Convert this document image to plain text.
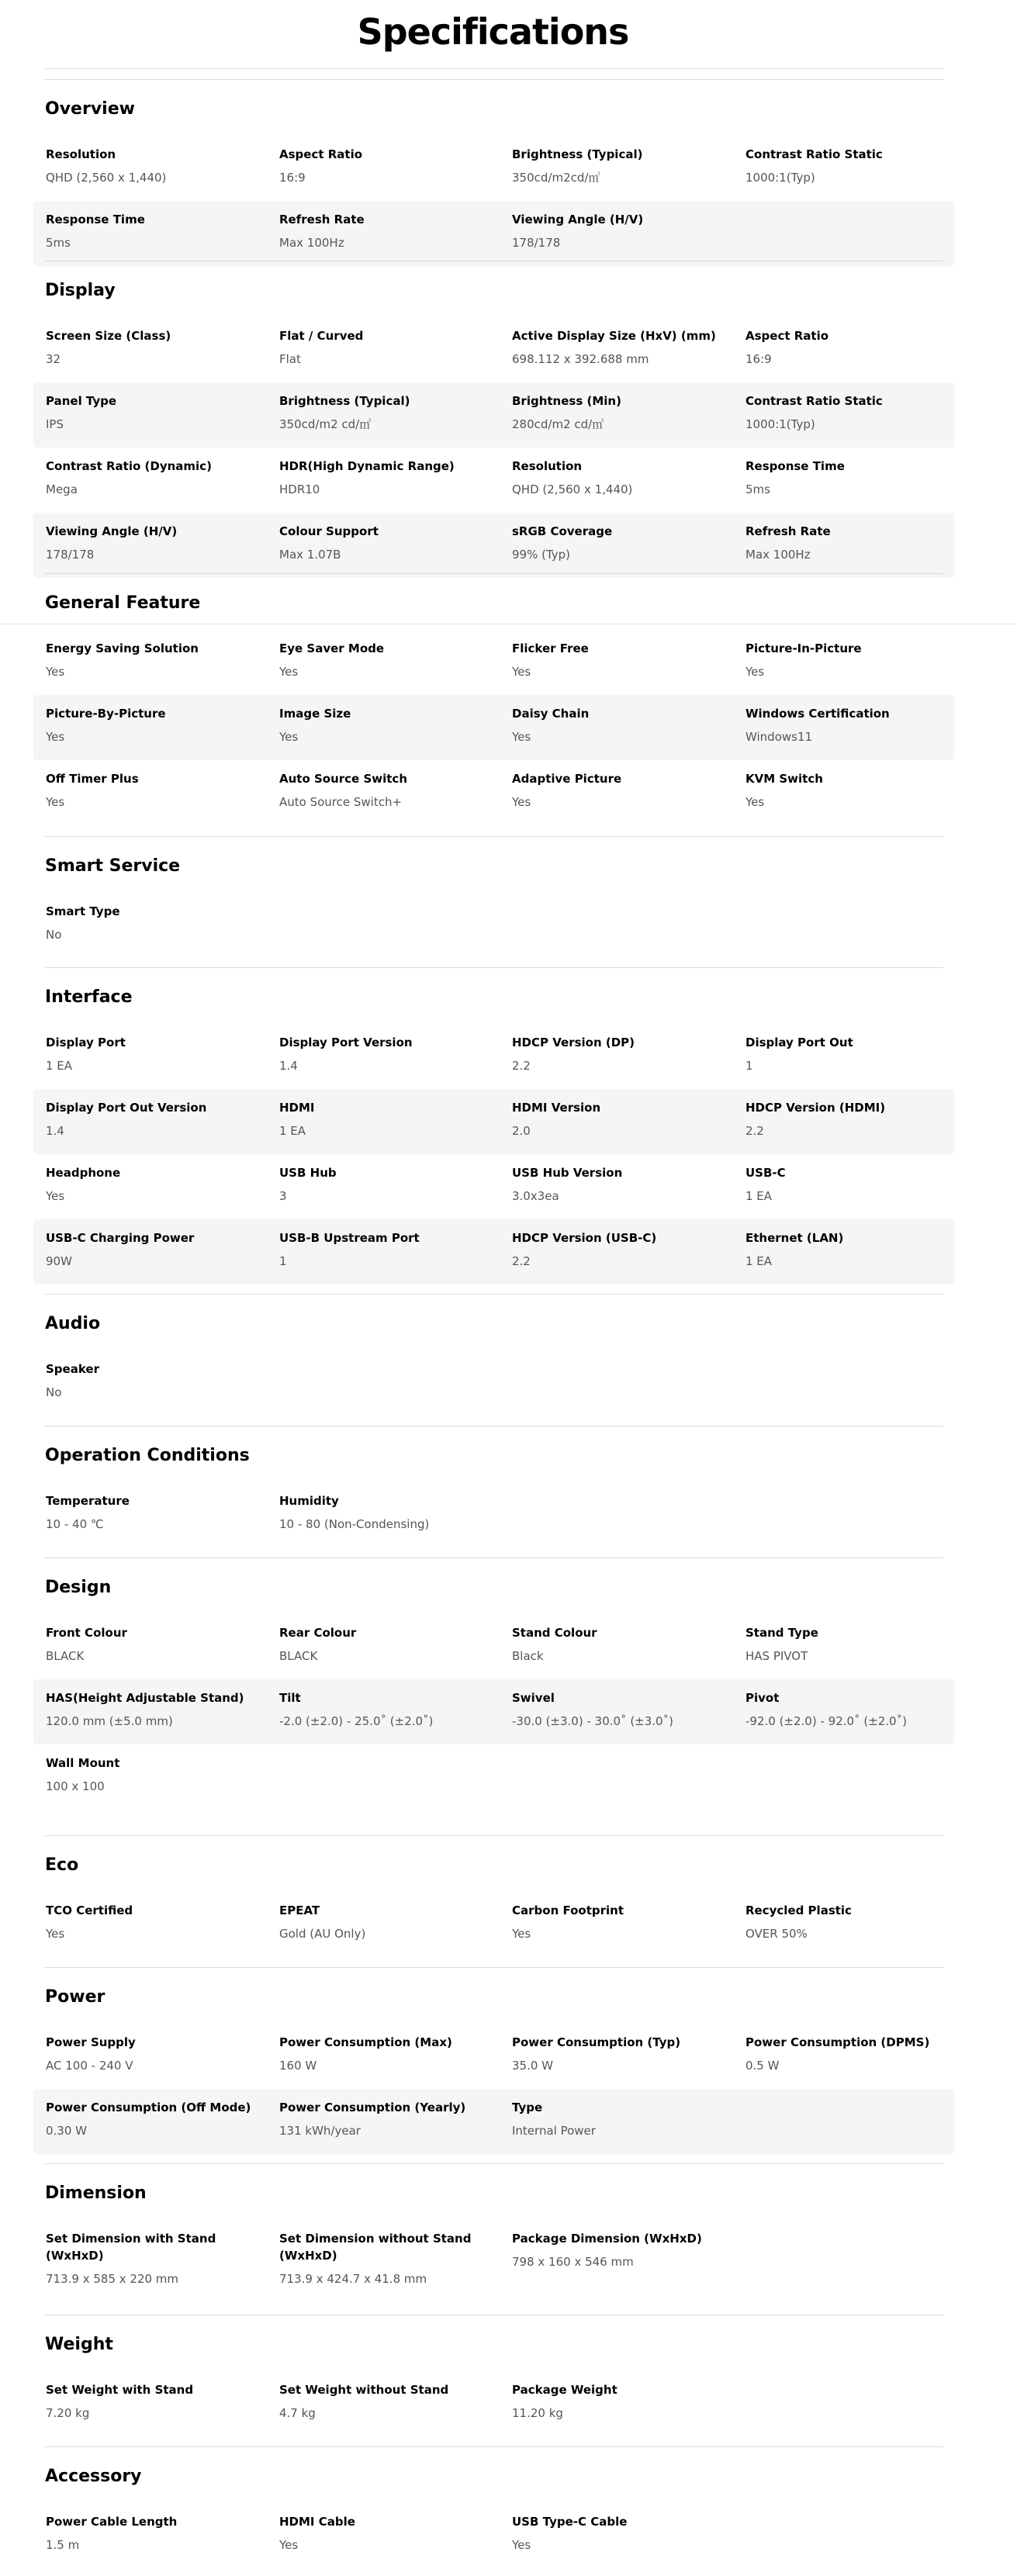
Specifications
Overview
Resolution
QHD (2,560 x 1,440)
Aspect Ratio
16:9
Brightness (Typical)
350cd/m2cd/㎡
Contrast Ratio Static
1000:1(Typ)
Response Time
5ms
Refresh Rate
Max 100Hz
Viewing Angle (H/V)
178/178
Display
Screen Size (Class)
32
Flat / Curved
Flat
Active Display Size (HxV) (mm)
698.112 x 392.688 mm
Aspect Ratio
16:9
Panel Type
IPS
Brightness (Typical)
350cd/m2 cd/㎡
Brightness (Min)
280cd/m2 cd/㎡
Contrast Ratio Static
1000:1(Typ)
Contrast Ratio (Dynamic)
Mega
HDR(High Dynamic Range)
HDR10
Resolution
QHD (2,560 x 1,440)
Response Time
5ms
Viewing Angle (H/V)
178/178
Colour Support
Max 1.07B
sRGB Coverage
99% (Typ)
Refresh Rate
Max 100Hz
General Feature
Energy Saving Solution
Yes
Eye Saver Mode
Yes
Flicker Free
Yes
Picture-In-Picture
Yes
Picture-By-Picture
Yes
Image Size
Yes
Daisy Chain
Yes
Windows Certification
Windows11
Off Timer Plus
Yes
Auto Source Switch
Auto Source Switch+
Adaptive Picture
Yes
KVM Switch
Yes
Smart Service
Smart Type
No
Interface
Display Port
1 EA
Display Port Version
1.4
HDCP Version (DP)
2.2
Display Port Out
1
Display Port Out Version
1.4
HDMI
1 EA
HDMI Version
2.0
HDCP Version (HDMI)
2.2
Headphone
Yes
USB Hub
3
USB Hub Version
3.0x3ea
USB-C
1 EA
USB-C Charging Power
90W
USB-B Upstream Port
1
HDCP Version (USB-C)
2.2
Ethernet (LAN)
1 EA
Audio
Speaker
No
Operation Conditions
Temperature
10 - 40 ℃
Humidity
10 - 80 (Non-Condensing)
Design
Front Colour
BLACK
Rear Colour
BLACK
Stand Colour
Black
Stand Type
HAS PIVOT
HAS(Height Adjustable Stand)
120.0 mm (±5.0 mm)
Tilt
-2.0 (±2.0) - 25.0˚ (±2.0˚)
Swivel
-30.0 (±3.0) - 30.0˚ (±3.0˚)
Pivot
-92.0 (±2.0) - 92.0˚ (±2.0˚)
Wall Mount
100 x 100
Eco
TCO Certified
Yes
EPEAT
Gold (AU Only)
Carbon Footprint
Yes
Recycled Plastic
OVER 50%
Power
Power Supply
AC 100 - 240 V
Power Consumption (Max)
160 W
Power Consumption (Typ)
35.0 W
Power Consumption (DPMS)
0.5 W
Power Consumption (Off Mode)
0.30 W
Power Consumption (Yearly)
131 kWh/year
Type
Internal Power
Dimension
Set Dimension with Stand (WxHxD)
713.9 x 585 x 220 mm
Set Dimension without Stand (WxHxD)
713.9 x 424.7 x 41.8 mm
Package Dimension (WxHxD)
798 x 160 x 546 mm
Weight
Set Weight with Stand
7.20 kg
Set Weight without Stand
4.7 kg
Package Weight
11.20 kg
Accessory
Power Cable Length
1.5 m
HDMI Cable
Yes
USB Type-C Cable
Yes
